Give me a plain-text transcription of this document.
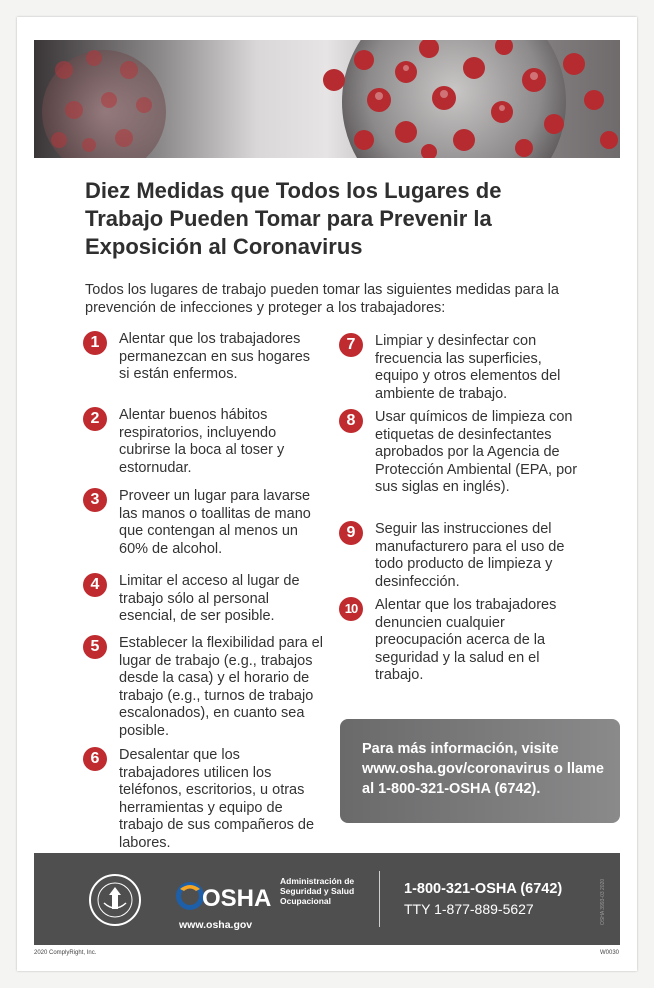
Diez Medidas que Todos los Lugares de Trabajo Pueden Tomar para Prevenir la Exposición al Coronavirus

Todos los lugares de trabajo pueden tomar las siguientes medidas para la prevención de infecciones y proteger a los trabajadores:

1	Alentar que los trabajadores permanezcan en sus hogares si están enfermos.

2	Alentar buenos hábitos respiratorios, incluyendo cubrirse la boca al toser y estornudar.

3	Proveer un lugar para lavarse las manos o toallitas de mano que contengan al menos un 60% de alcohol.

4	Limitar el acceso al lugar de trabajo sólo al personal esencial, de ser posible.

5	Establecer la flexibilidad para el lugar de trabajo (e.g., trabajos desde la casa) y el horario de trabajo (e.g., turnos de trabajo escalonados), en cuanto sea posible.

6	Desalentar que los trabajadores utilicen los teléfonos, escritorios, u otras herramientas y equipo de trabajo de sus compañeros de labores.

7	Limpiar y desinfectar con frecuencia las superficies, equipo y otros elementos del ambiente de trabajo.

8	Usar químicos de limpieza con etiquetas de desinfectantes aprobados por la Agencia de Protección Ambiental (EPA, por sus siglas en inglés).

9	Seguir las instrucciones del manufacturero para el uso de todo producto de limpieza y desinfección.

10	Alentar que los trabajadores denuncien cualquier preocupación acerca de la seguridad y la salud en el trabajo.

Para más información, visite www.osha.gov/coronavirus o llame al 1-800-321-OSHA (6742).

OSHA
www.osha.gov
Administración de Seguridad y Salud Ocupacional
1-800-321-OSHA (6742)
TTY 1-877-889-5627	OSHA 3993-03 2020
2020 ComplyRight, Inc.	W0030
